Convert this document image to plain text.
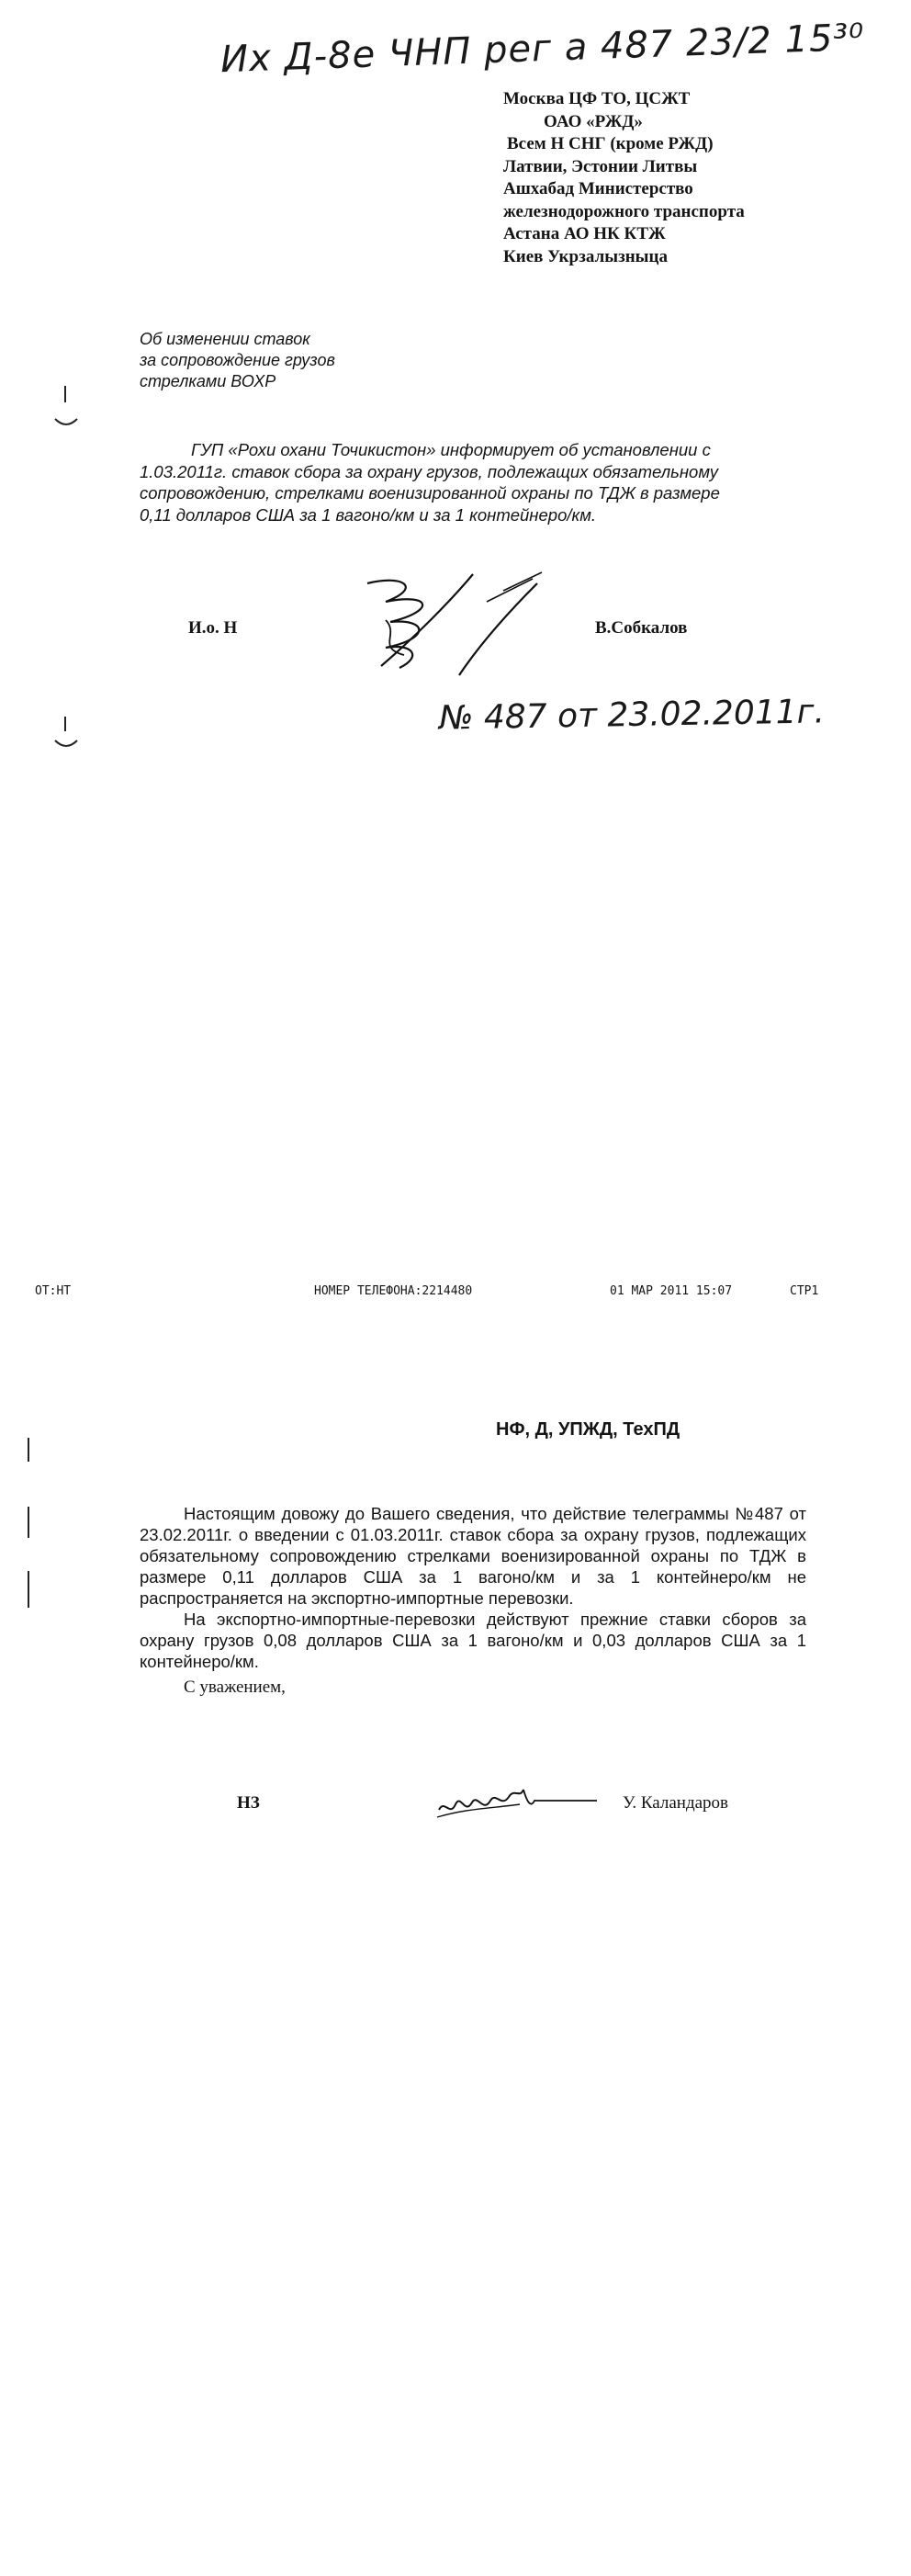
Иx Д-8e ЧНП рег a 487 23/2 15³⁰
Москва ЦФ ТО, ЦСЖТ
ОАО «РЖД»
Всем Н СНГ (кроме РЖД)
Латвии, Эстонии Литвы
Ашхабад Министерство
железнодорожного транспорта
Астана АО НК КТЖ
Киев Укрзалызныца
Об изменении ставок
за сопровождение грузов
стрелками ВОХР
ГУП «Рохи охани Точикистон» информирует об установлении с
1.03.2011г. ставок сбора за охрану грузов, подлежащих обязательному
сопровождению, стрелками военизированной охраны по ТДЖ в размере
0,11 долларов США за 1 вагоно/км и за 1 контейнеро/км.
И.о. Н	В.Собкалов
№ 487 от 23.02.2011г.
OT:HT	НОМЕР ТЕЛЕФОНА:2214480	01 МАР 2011 15:07	СТР1
НФ, Д, УПЖД, ТехПД

Настоящим довожу до Вашего сведения, что действие телеграммы №487 от 23.02.2011г. о введении с 01.03.2011г. ставок сбора за охрану грузов, подлежащих обязательному сопровождению стрелками военизированной охраны по ТДЖ в размере 0,11 долларов США за 1 вагоно/км и за 1 контейнеро/км не распространяется на экспортно-импортные перевозки.

На экспортно-импортные-перевозки действуют прежние ставки сборов за охрану грузов 0,08 долларов США за 1 вагоно/км и 0,03 долларов США за 1 контейнеро/км.

С уважением,
НЗ	У. Каландаров
